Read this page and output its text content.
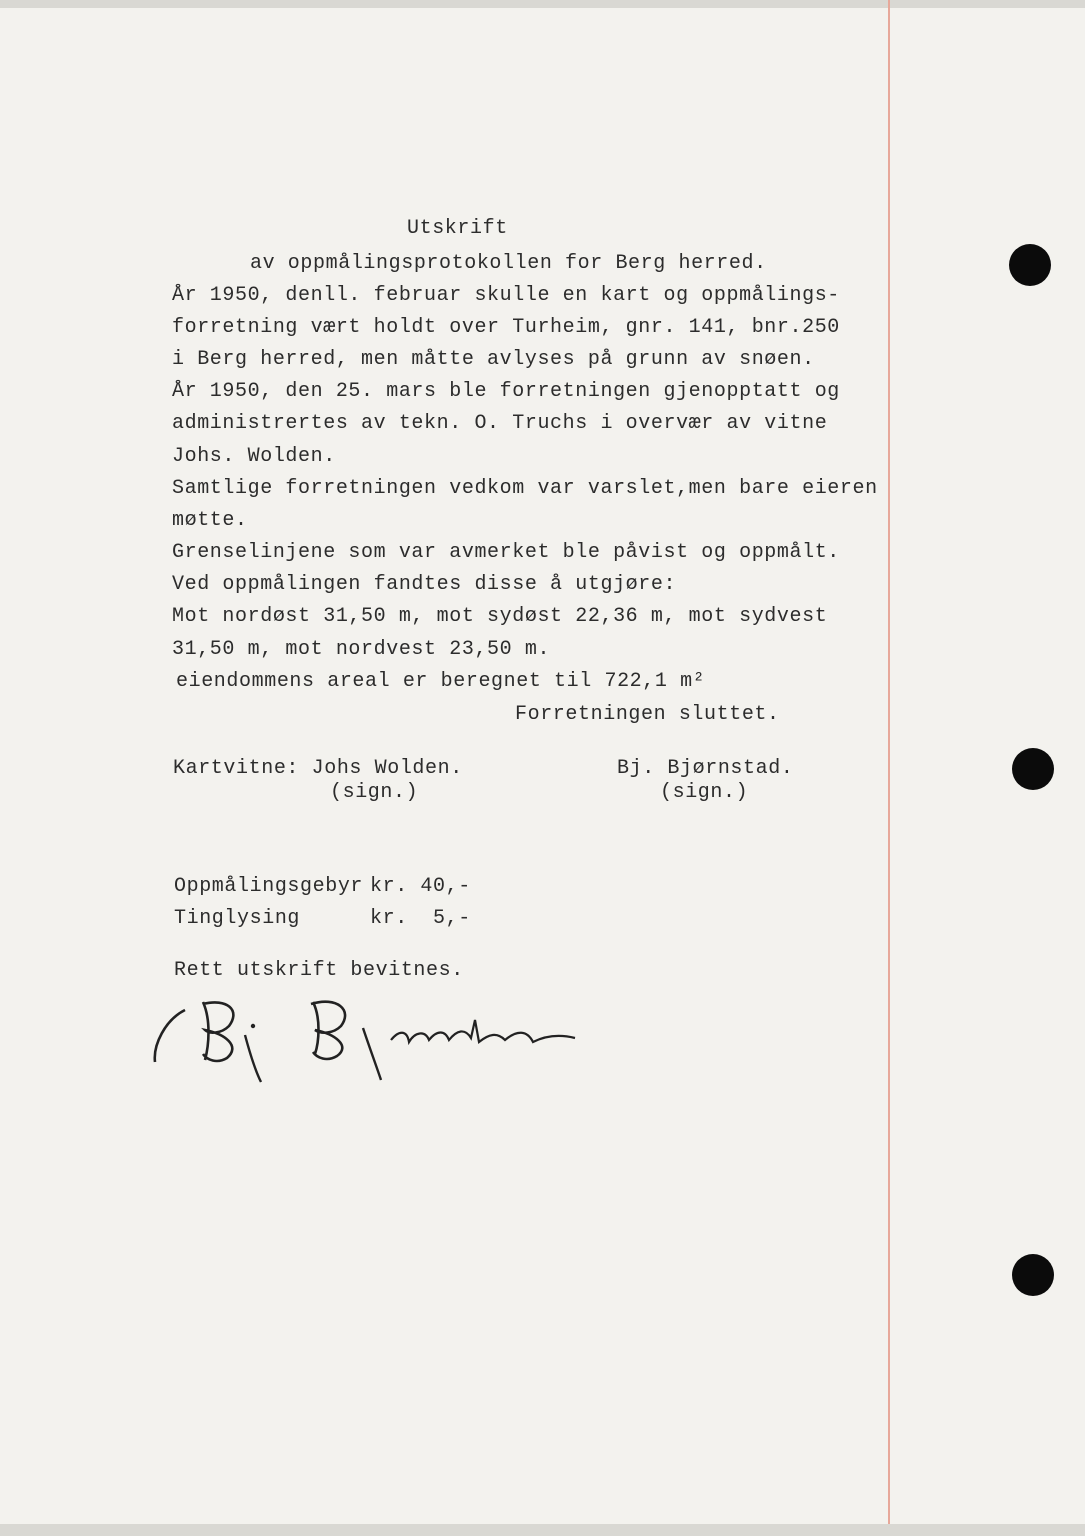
Utskrift
av oppmålingsprotokollen for Berg herred.
År 1950, denll. februar skulle en kart og oppmålings-
forretning vært holdt over Turheim, gnr. 141, bnr.250
i Berg herred, men måtte avlyses på grunn av snøen.
År 1950, den 25. mars ble forretningen gjenopptatt og
administrertes av tekn. O. Truchs i overvær av vitne
Johs. Wolden.
Samtlige forretningen vedkom var varslet,men bare eieren
møtte.
Grenselinjene som var avmerket ble påvist og oppmålt.
Ved oppmålingen fandtes disse å utgjøre:
Mot nordøst 31,50 m, mot sydøst 22,36 m, mot sydvest
31,50 m, mot nordvest 23,50 m.
eiendommens areal er beregnet til 722,1 m²
Forretningen sluttet.
Kartvitne: Johs Wolden.
(sign.)
Bj. Bjørnstad.
(sign.)
Oppmålingsgebyr kr. 40,-
Tinglysing	kr.  5,-
Rett utskrift bevitnes.
